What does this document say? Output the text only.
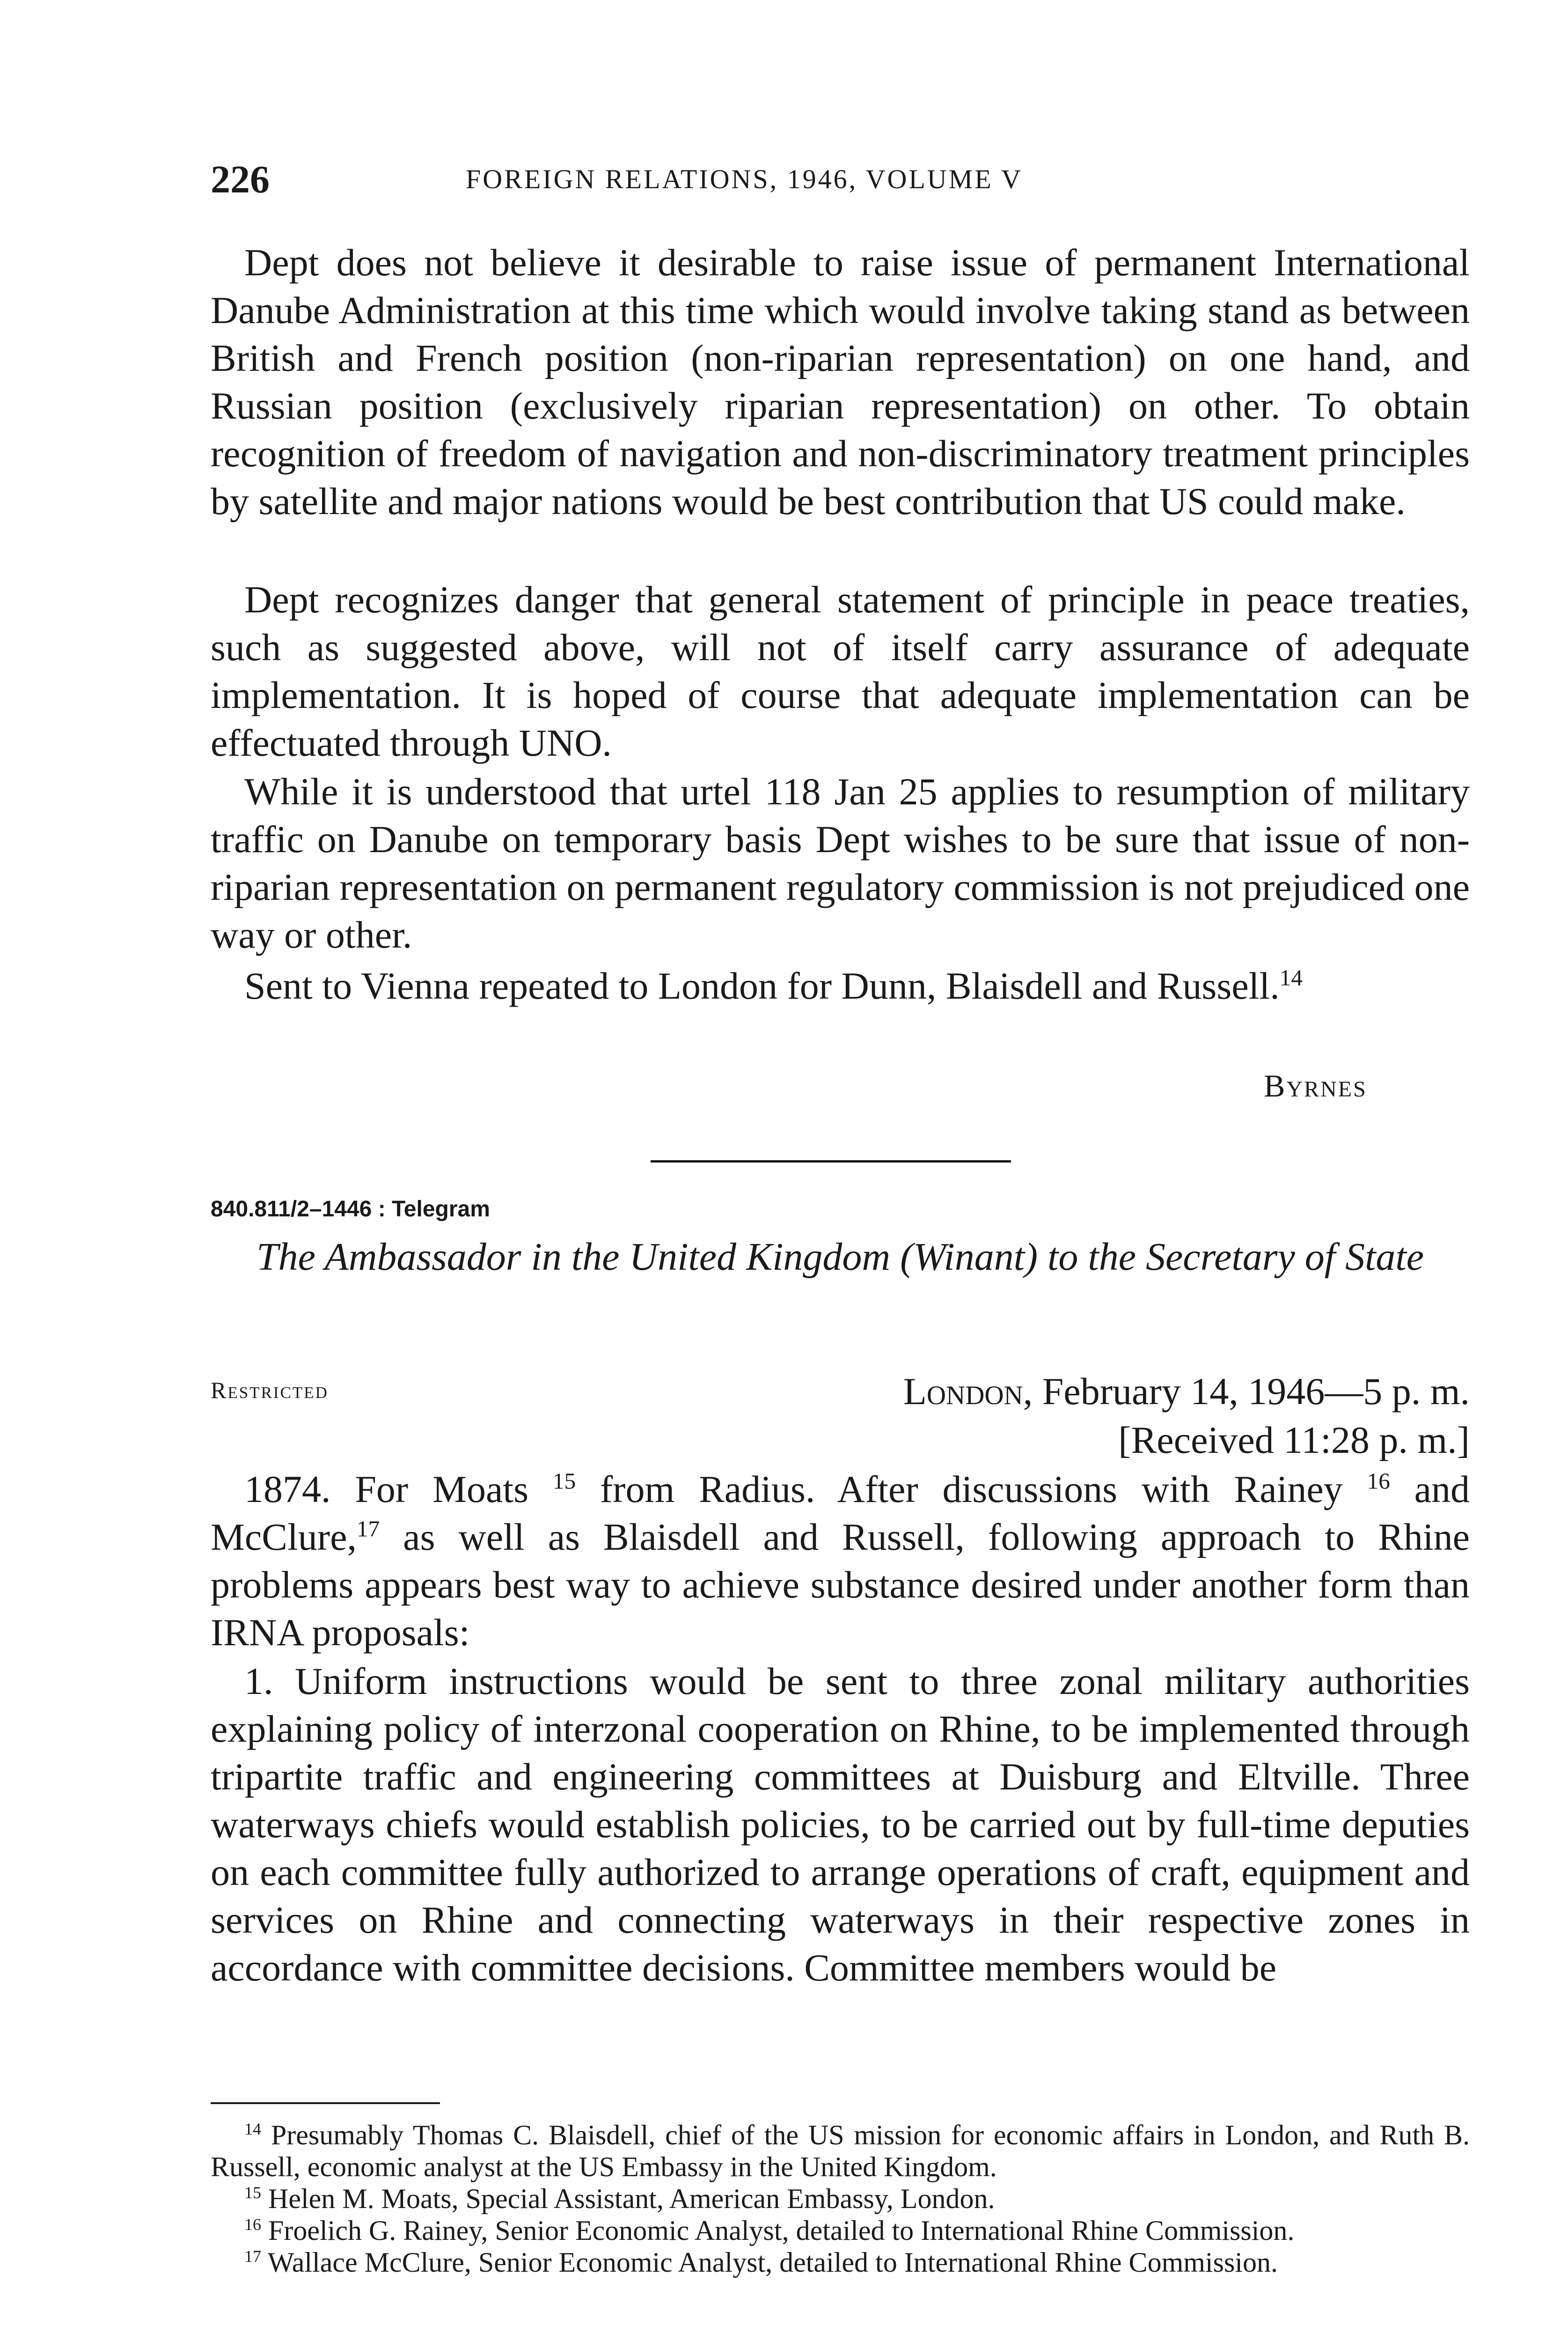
226	FOREIGN RELATIONS, 1946, VOLUME V

Dept does not believe it desirable to raise issue of permanent International Danube Administration at this time which would involve taking stand as between British and French position (non-riparian representation) on one hand, and Russian position (exclusively riparian representation) on other. To obtain recognition of freedom of navigation and non-discriminatory treatment principles by satellite and major nations would be best contribution that US could make.

Dept recognizes danger that general statement of principle in peace treaties, such as suggested above, will not of itself carry assurance of adequate implementation. It is hoped of course that adequate implementation can be effectuated through UNO.

While it is understood that urtel 118 Jan 25 applies to resumption of military traffic on Danube on temporary basis Dept wishes to be sure that issue of non-riparian representation on permanent regulatory commission is not prejudiced one way or other.

Sent to Vienna repeated to London for Dunn, Blaisdell and Russell.$^{14}$

Byrnes
840.811/2–1446 : Telegram
The Ambassador in the United Kingdom (Winant) to the Secretary of State
Restricted	London, February 14, 1946—5 p. m.
[Received 11:28 p. m.]

1874. For Moats $^{15}$ from Radius. After discussions with Rainey $^{16}$ and McClure,$^{17}$ as well as Blaisdell and Russell, following approach to Rhine problems appears best way to achieve substance desired under another form than IRNA proposals:

1. Uniform instructions would be sent to three zonal military authorities explaining policy of interzonal cooperation on Rhine, to be implemented through tripartite traffic and engineering committees at Duisburg and Eltville. Three waterways chiefs would establish policies, to be carried out by full-time deputies on each committee fully authorized to arrange operations of craft, equipment and services on Rhine and connecting waterways in their respective zones in accordance with committee decisions. Committee members would be

$^{14}$ Presumably Thomas C. Blaisdell, chief of the US mission for economic affairs in London, and Ruth B. Russell, economic analyst at the US Embassy in the United Kingdom.

$^{15}$ Helen M. Moats, Special Assistant, American Embassy, London.

$^{16}$ Froelich G. Rainey, Senior Economic Analyst, detailed to International Rhine Commission.

$^{17}$ Wallace McClure, Senior Economic Analyst, detailed to International Rhine Commission.
